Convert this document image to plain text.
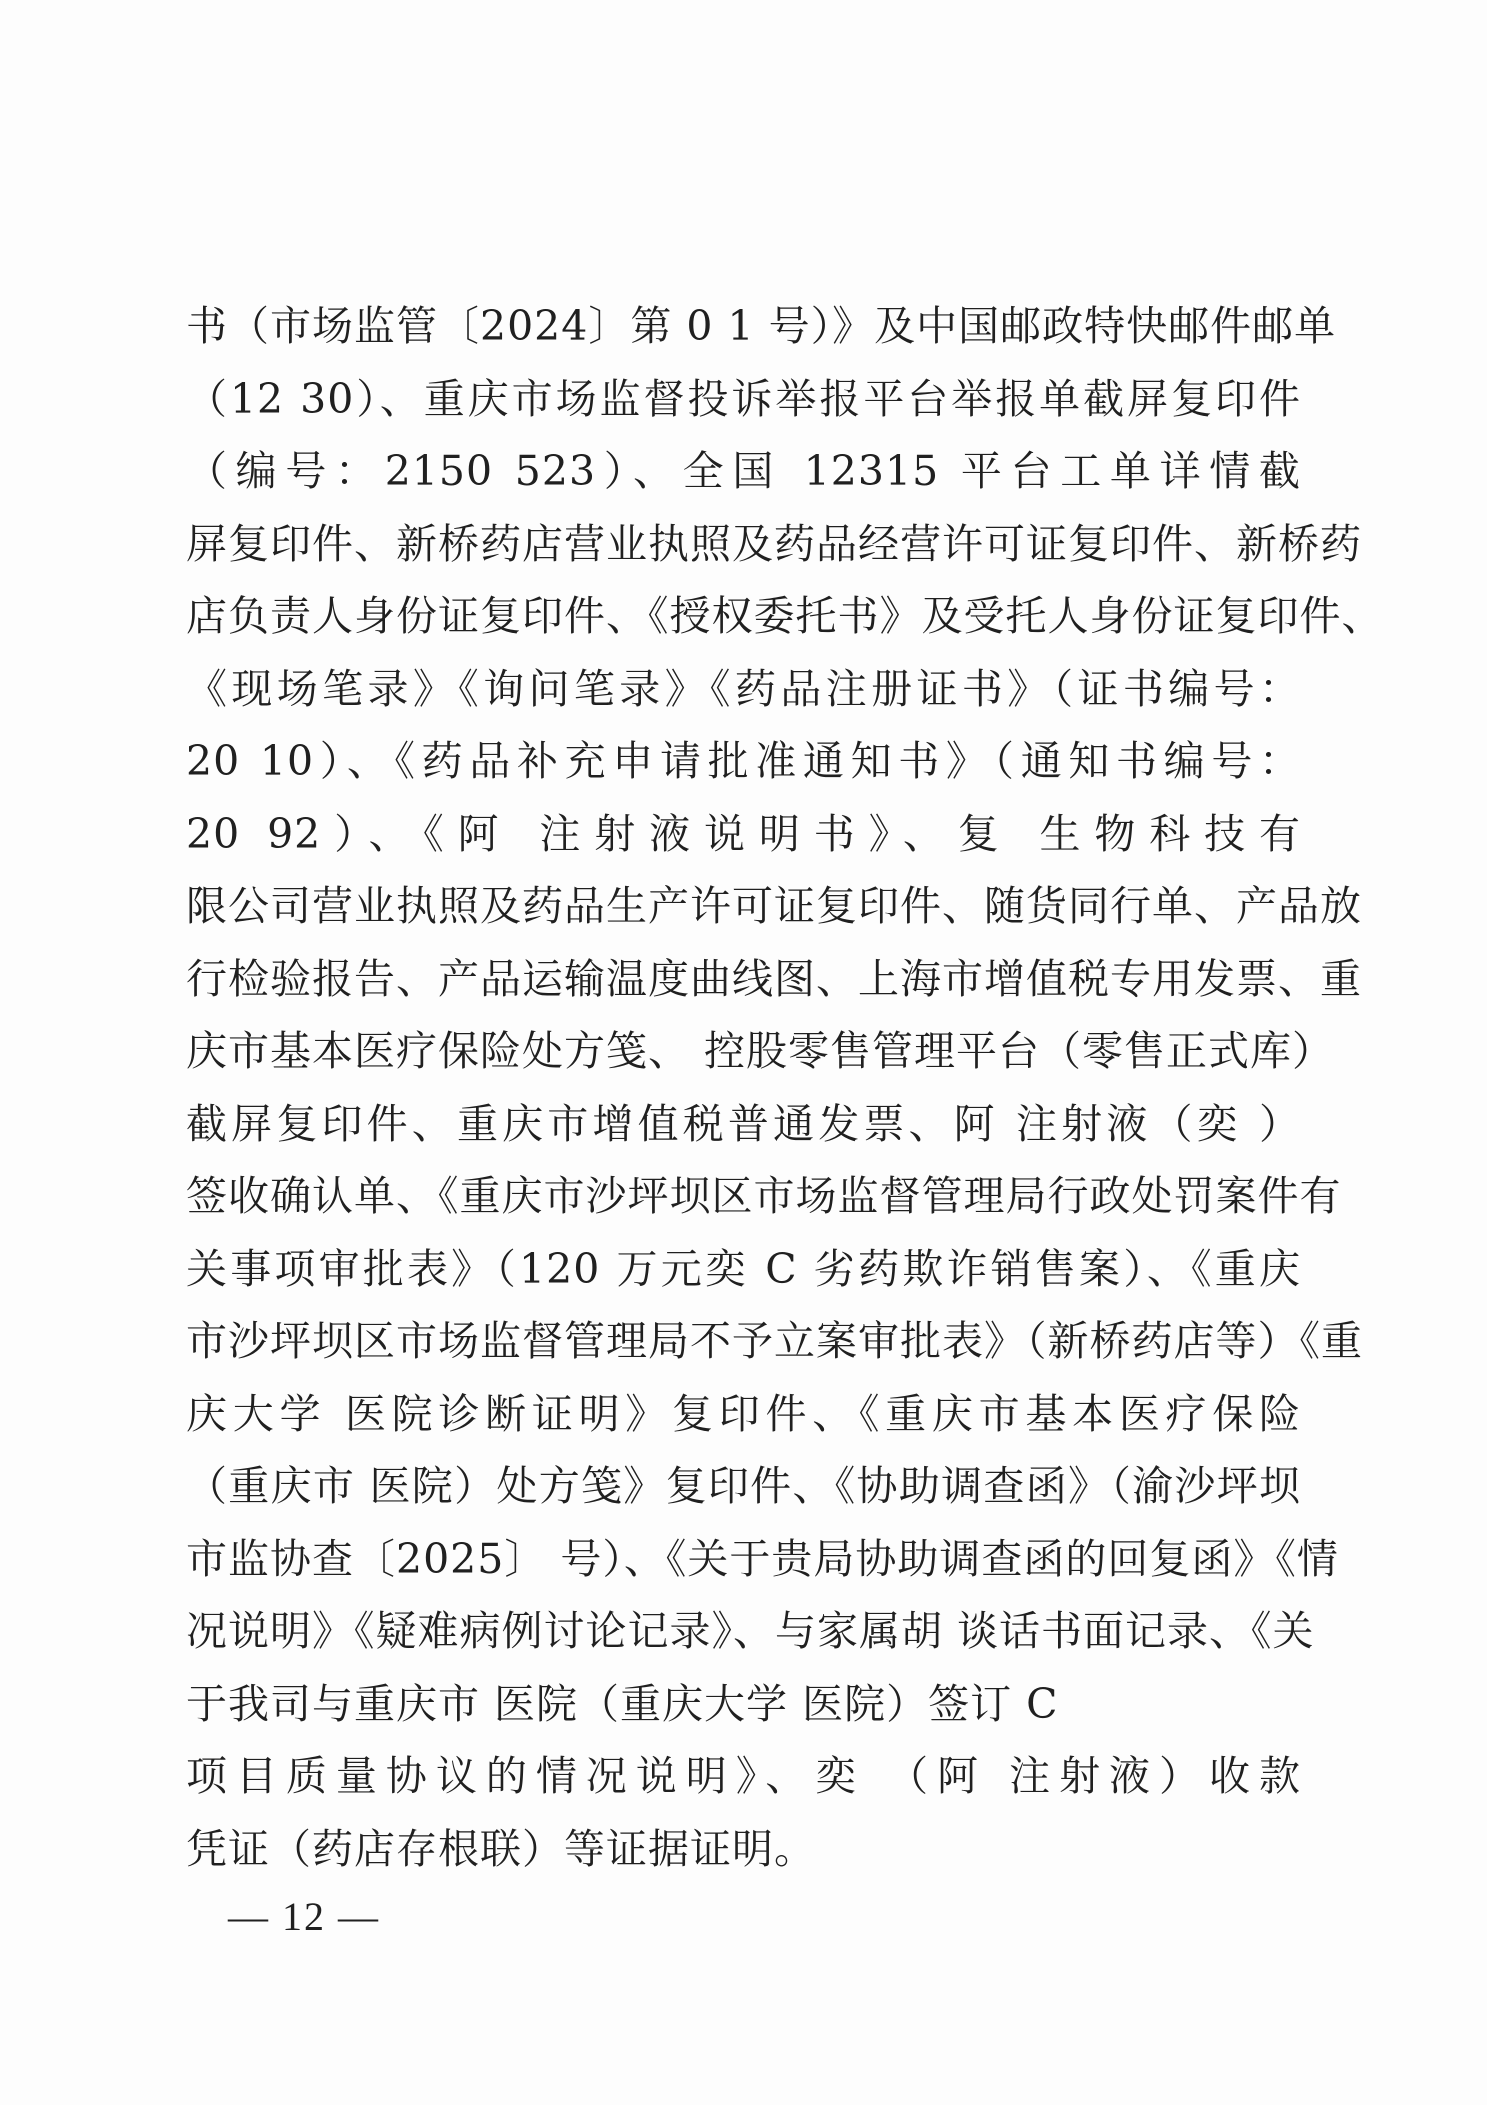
书（市场监管〔2024〕第 0 1 号）》及中国邮政特快邮件邮单
（12 30）、重庆市场监督投诉举报平台举报单截屏复印件
（编号：2150 523）、全国 12315 平台工单详情截
屏复印件、新桥药店营业执照及药品经营许可证复印件、新桥药
店负责人身份证复印件、《授权委托书》及受托人身份证复印件、
《现场笔录》《询问笔录》《药品注册证书》（证书编号：
20 10）、《药品补充申请批准通知书》（通知书编号：
20 92）、《阿 注射液说明书》、复 生物科技有
限公司营业执照及药品生产许可证复印件、随货同行单、产品放
行检验报告、产品运输温度曲线图、上海市增值税专用发票、重
庆市基本医疗保险处方笺、 控股零售管理平台（零售正式库）
截屏复印件、重庆市增值税普通发票、阿 注射液（奕 ）
签收确认单、《重庆市沙坪坝区市场监督管理局行政处罚案件有
关事项审批表》（120 万元奕 C 劣药欺诈销售案）、《重庆
市沙坪坝区市场监督管理局不予立案审批表》（新桥药店等）《重
庆大学 医院诊断证明》复印件、《重庆市基本医疗保险
（重庆市 医院）处方笺》复印件、《协助调查函》（渝沙坪坝
市监协查〔2025〕 号）、《关于贵局协助调查函的回复函》《情
况说明》《疑难病例讨论记录》、与家属胡 谈话书面记录、《关
于我司与重庆市 医院（重庆大学 医院）签订 C
项目质量协议的情况说明》、奕 （阿 注射液）收款
凭证（药店存根联）等证据证明。
— 12 —
